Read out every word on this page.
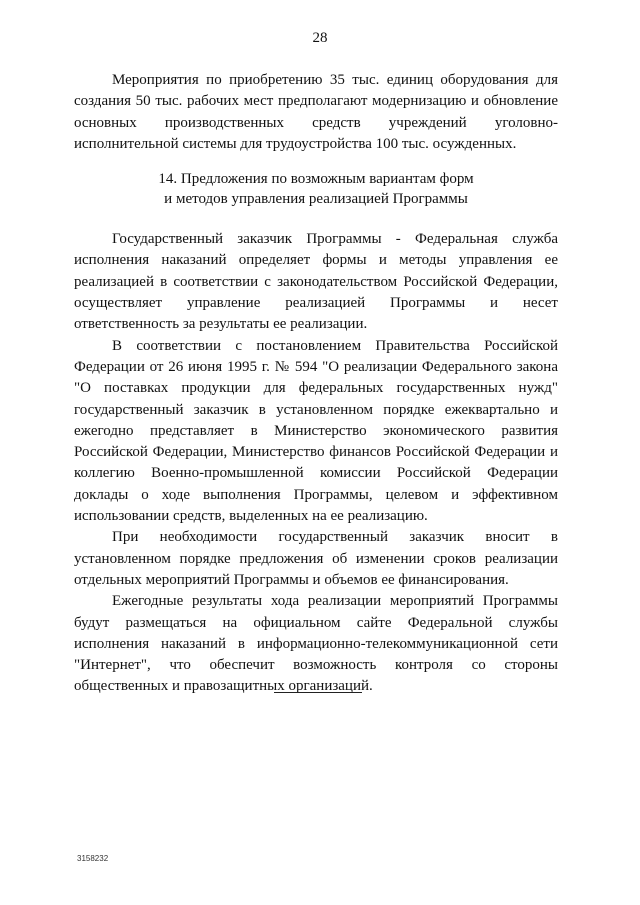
28

Мероприятия по приобретению 35 тыс. единиц оборудования для создания 50 тыс. рабочих мест предполагают модернизацию и обновление основных производственных средств учреждений уголовно-исполнительной системы для трудоустройства 100 тыс. осужденных.

14. Предложения по возможным вариантам форм
и методов управления реализацией Программы

Государственный заказчик Программы - Федеральная служба исполнения наказаний определяет формы и методы управления ее реализацией в соответствии с законодательством Российской Федерации, осуществляет управление реализацией Программы и несет ответственность за результаты ее реализации.

В соответствии с постановлением Правительства Российской Федерации от 26 июня 1995 г. № 594 "О реализации Федерального закона "О поставках продукции для федеральных государственных нужд" государственный заказчик в установленном порядке ежеквартально и ежегодно представляет в Министерство экономического развития Российской Федерации, Министерство финансов Российской Федерации и коллегию Военно-промышленной комиссии Российской Федерации доклады о ходе выполнения Программы, целевом и эффективном использовании средств, выделенных на ее реализацию.

При необходимости государственный заказчик вносит в установленном порядке предложения об изменении сроков реализации отдельных мероприятий Программы и объемов ее финансирования.

Ежегодные результаты хода реализации мероприятий Программы будут размещаться на официальном сайте Федеральной службы исполнения наказаний в информационно-телекоммуникационной сети "Интернет", что обеспечит возможность контроля со стороны общественных и правозащитных организаций.

3158232
